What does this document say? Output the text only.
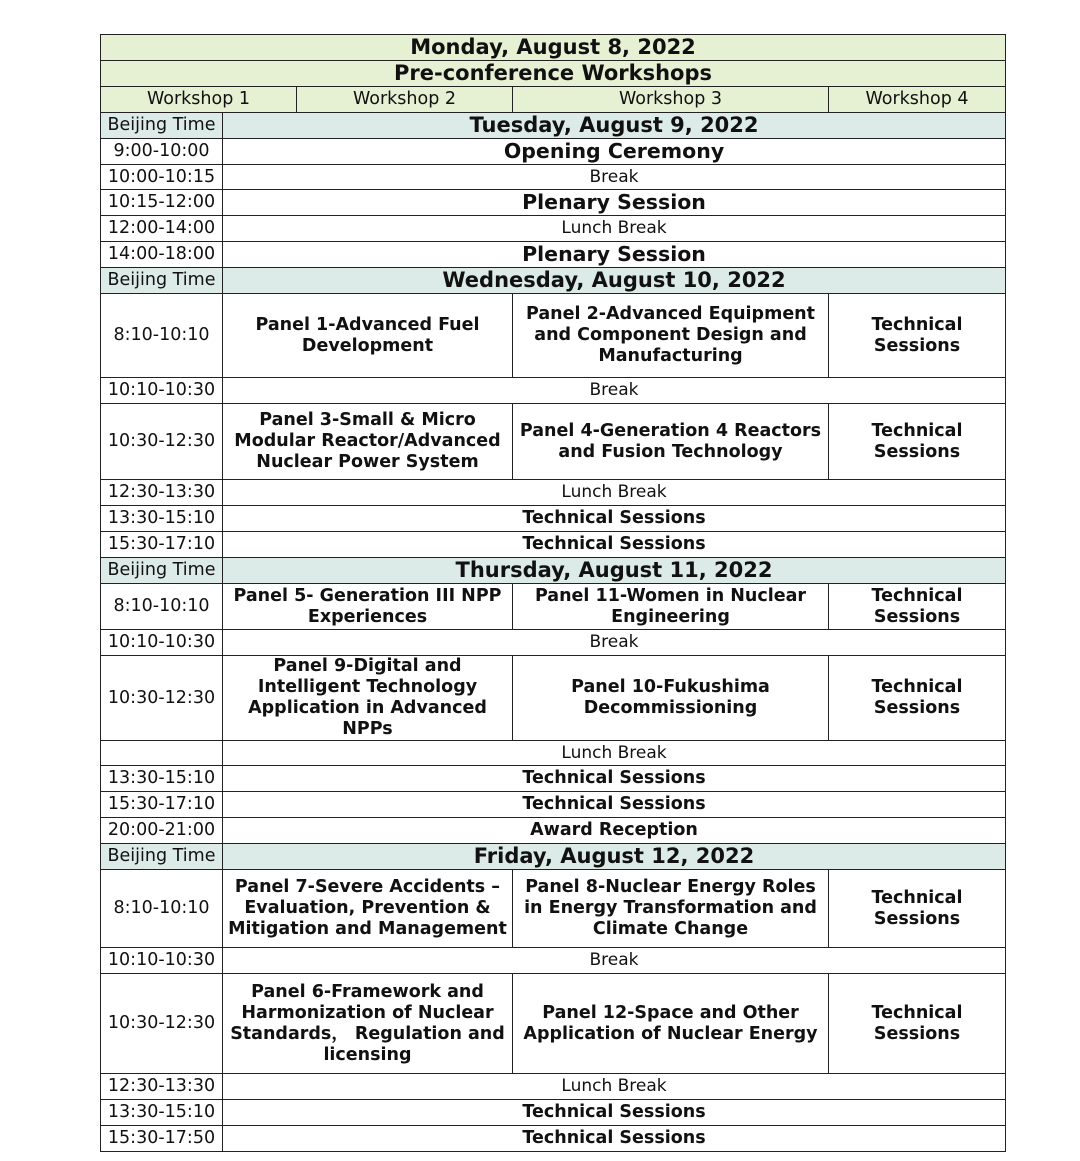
Monday, August 8, 2022				
Pre-conference Workshops				
Workshop 1		Workshop 2	Workshop 3	Workshop 4
Beijing Time	Tuesday, August 9, 2022			
9:00-10:00	Opening Ceremony			
10:00-10:15	Break			
10:15-12:00	Plenary Session			
12:00-14:00	Lunch Break			
14:00-18:00	Plenary Session			
Beijing Time	Wednesday, August 10, 2022			
8:10-10:10	Panel 1-Advanced Fuel Development		Panel 2-Advanced Equipment and Component Design and Manufacturing	Technical Sessions
10:10-10:30	Break			
10:30-12:30	Panel 3-Small & Micro Modular Reactor/Advanced Nuclear Power System		Panel 4-Generation 4 Reactors and Fusion Technology	Technical Sessions
12:30-13:30	Lunch Break			
13:30-15:10	Technical Sessions			
15:30-17:10	Technical Sessions			
Beijing Time	Thursday, August 11, 2022			
8:10-10:10	Panel 5- Generation III NPP Experiences		Panel 11-Women in Nuclear Engineering	Technical Sessions
10:10-10:30	Break			
10:30-12:30	Panel 9-Digital and Intelligent Technology Application in Advanced NPPs		Panel 10-Fukushima Decommissioning	Technical Sessions
	Lunch Break			
13:30-15:10	Technical Sessions			
15:30-17:10	Technical Sessions			
20:00-21:00	Award Reception			
Beijing Time	Friday, August 12, 2022			
8:10-10:10	Panel 7-Severe Accidents – Evaluation, Prevention & Mitigation and Management		Panel 8-Nuclear Energy Roles in Energy Transformation and Climate Change	Technical Sessions
10:10-10:30	Break			
10:30-12:30	Panel 6-Framework and Harmonization of Nuclear Standards， Regulation and licensing		Panel 12-Space and Other Application of Nuclear Energy	Technical Sessions
12:30-13:30	Lunch Break			
13:30-15:10	Technical Sessions			
15:30-17:50	Technical Sessions			
